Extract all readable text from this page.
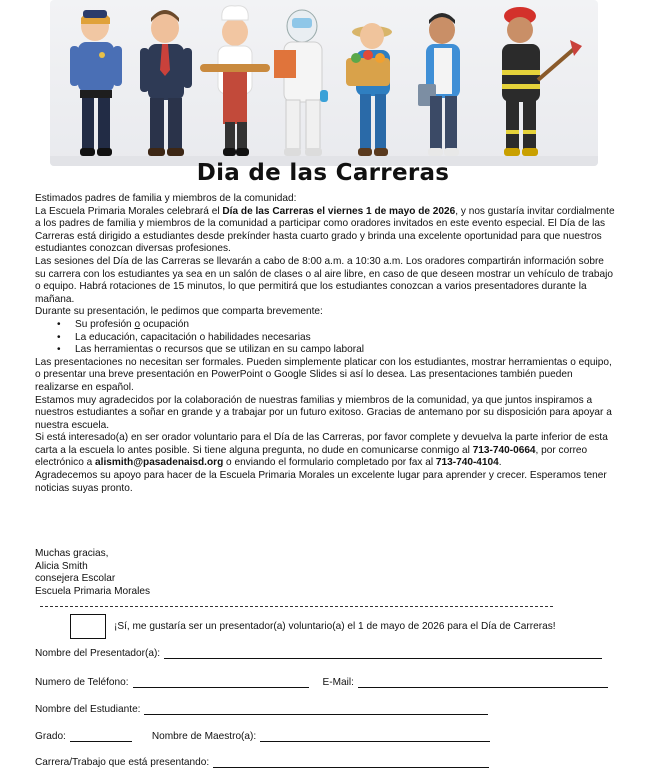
Dia de las Carreras

Estimados padres de familia y miembros de la comunidad:

La Escuela Primaria Morales celebrará el Día de las Carreras el viernes 1 de mayo de 2026, y nos gustaría invitar cordialmente a los padres de familia y miembros de la comunidad a participar como oradores invitados en este evento especial. El Día de las Carreras está dirigido a estudiantes desde prekínder hasta cuarto grado y brinda una excelente oportunidad para que nuestros estudiantes conozcan diversas profesiones.

Las sesiones del Día de las Carreras se llevarán a cabo de 8:00 a.m. a 10:30 a.m. Los oradores compartirán información sobre su carrera con los estudiantes ya sea en un salón de clases o al aire libre, en caso de que deseen mostrar un vehículo de trabajo o equipo. Habrá rotaciones de 15 minutos, lo que permitirá que los estudiantes conozcan a varios presentadores durante la mañana.

Durante su presentación, le pedimos que comparta brevemente:

• Su profesión o ocupación
• La educación, capacitación o habilidades necesarias
• Las herramientas o recursos que se utilizan en su campo laboral

Las presentaciones no necesitan ser formales. Pueden simplemente platicar con los estudiantes, mostrar herramientas o equipo, o presentar una breve presentación en PowerPoint o Google Slides si así lo desea. Las presentaciones también pueden realizarse en español.

Estamos muy agradecidos por la colaboración de nuestras familias y miembros de la comunidad, ya que juntos inspiramos a nuestros estudiantes a soñar en grande y a trabajar por un futuro exitoso. Gracias de antemano por su disposición para apoyar a nuestra escuela.

Si está interesado(a) en ser orador voluntario para el Día de las Carreras, por favor complete y devuelva la parte inferior de esta carta a la escuela lo antes posible. Si tiene alguna pregunta, no dude en comunicarse conmigo al 713-740-0664, por correo electrónico a alismith@pasadenaisd.org o enviando el formulario completado por fax al 713-740-4104.

Agradecemos su apoyo para hacer de la Escuela Primaria Morales un excelente lugar para aprender y crecer. Esperamos tener noticias suyas pronto.

Muchas gracias,
Alicia Smith
consejera Escolar
Escuela Primaria Morales
¡Sí, me gustaría ser un presentador(a) voluntario(a) el 1 de mayo de 2026 para el Día de Carreras!
Nombre del Presentador(a):
Numero de Teléfono:	E-Mail:
Nombre del Estudiante:
Grado:	Nombre de Maestro(a):
Carrera/Trabajo que está presentando:
